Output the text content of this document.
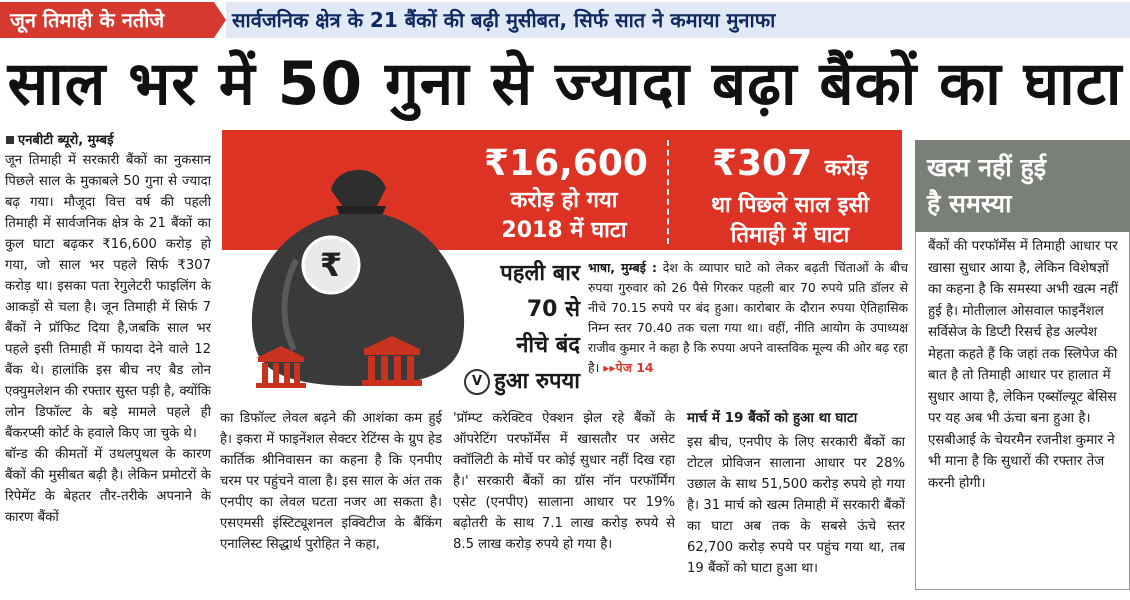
जून तिमाही के नतीजे	सार्वजनिक क्षेत्र के 21 बैंकों की बढ़ी मुसीबत, सिर्फ सात ने कमाया मुनाफा
साल भर में 50 गुना से ज्यादा बढ़ा बैंकों का घाटा
एनबीटी ब्यूरो, मुम्बई
जून तिमाही में सरकारी बैंकों का नुकसान पिछले साल के मुकाबले 50 गुना से ज्यादा बढ़ गया। मौजूदा वित्त वर्ष की पहली तिमाही में सार्वजनिक क्षेत्र के 21 बैंकों का कुल घाटा बढ़कर ₹16,600 करोड़ हो गया, जो साल भर पहले सिर्फ ₹307 करोड़ था। इसका पता रेगुलेटरी फाइलिंग के आकड़ों से चला है। जून तिमाही में सिर्फ 7 बैंकों ने प्रॉफिट दिया है,जबकि साल भर पहले इसी तिमाही में फायदा देने वाले 12 बैंक थे। हालांकि इस बीच नए बैड लोन एक्युमलेशन की रफ्तार सुस्त पड़ी है, क्योंकि लोन डिफॉल्ट के बड़े मामले पहले ही बैंकरप्सी कोर्ट के हवाले किए जा चुके थे।
बॉन्ड की कीमतों में उथलपुथल के कारण बैंकों की मुसीबत बढ़ी है। लेकिन प्रमोटरों के रिपेमेंट के बेहतर तौर-तरीके अपनाने के कारण बैंकों
₹
₹16,600
करोड़ हो गया
2018 में घाटा
₹307 करोड़
था पिछले साल इसी
तिमाही में घाटा
पहली बार
70 से
नीचे बंद
V हुआ रुपया
भाषा, मुम्बई : देश के व्यापार घाटे को लेकर बढ़ती चिंताओं के बीच रुपया गुरुवार को 26 पैसे गिरकर पहली बार 70 रुपये प्रति डॉलर से नीचे 70.15 रुपये पर बंद हुआ। कारोबार के दौरान रुपया ऐतिहासिक निम्न स्तर 70.40 तक चला गया था। वहीं, नीति आयोग के उपाध्यक्ष राजीव कुमार ने कहा है कि रुपया अपने वास्तविक मूल्य की ओर बढ़ रहा है। ▸▸पेज 14
का डिफॉल्ट लेवल बढ़ने की आशंका कम हुई है। इकरा में फाइनेंशल सेक्टर रेटिंग्स के ग्रुप हेड कार्तिक श्रीनिवासन का कहना है कि एनपीए चरम पर पहुंचने वाला है। इस साल के अंत तक एनपीए का लेवल घटता नजर आ सकता है। एसएमसी इंस्टिट्यूशनल इक्विटीज के बैंकिंग एनालिस्ट सिद्धार्थ पुरोहित ने कहा,
'प्रॉम्प्ट करेक्टिव ऐक्शन झेल रहे बैंकों के ऑपरेटिंग परफॉर्मेंस में खासतौर पर असेट क्वॉलिटी के मोर्चे पर कोई सुधार नहीं दिख रहा है।' सरकारी बैंकों का ग्रॉस नॉन परफॉर्मिंग एसेट (एनपीए) सालाना आधार पर 19% बढ़ोतरी के साथ 7.1 लाख करोड़ रुपये से 8.5 लाख करोड़ रुपये हो गया है।
मार्च में 19 बैंकों को हुआ था घाटा
इस बीच, एनपीए के लिए सरकारी बैंकों का टोटल प्रोविजन सालाना आधार पर 28% उछाल के साथ 51,500 करोड़ रुपये हो गया है। 31 मार्च को खत्म तिमाही में सरकारी बैंकों का घाटा अब तक के सबसे ऊंचे स्तर 62,700 करोड़ रुपये पर पहुंच गया था, तब 19 बैंकों को घाटा हुआ था।
खत्म नहीं हुई
है समस्या
बैंकों की परफॉर्मेंस में तिमाही आधार पर खासा सुधार आया है, लेकिन विशेषज्ञों का कहना है कि समस्या अभी खत्म नहीं हुई है। मोतीलाल ओसवाल फाइनैंशल सर्विसेज के डिप्टी रिसर्च हेड अल्पेश मेहता कहते हैं कि जहां तक स्लिपेज की बात है तो तिमाही आधार पर हालात में सुधार आया है, लेकिन एब्सॉल्यूट बेसिस पर यह अब भी ऊंचा बना हुआ है। एसबीआई के चेयरमैन रजनीश कुमार ने भी माना है कि सुधारों की रफ्तार तेज करनी होगी।
